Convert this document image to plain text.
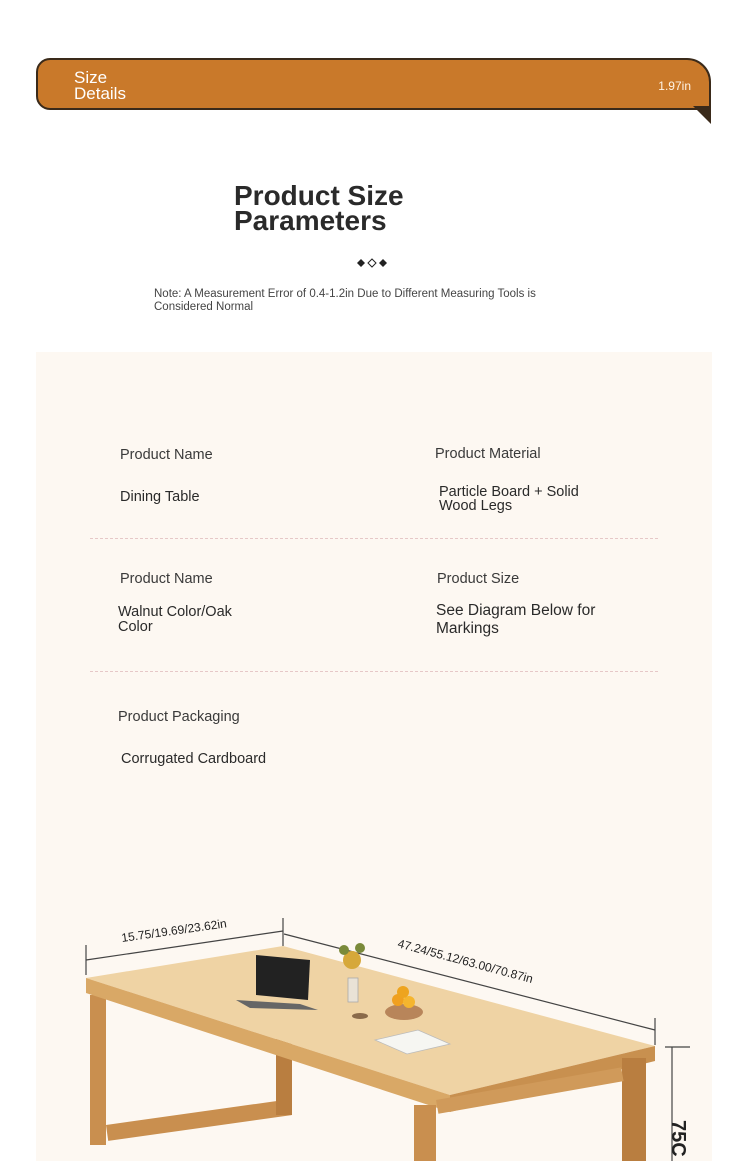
Size Details	1.97in
Product Size Parameters
Note: A Measurement Error of 0.4-1.2in Due to Different Measuring Tools is Considered Normal
Product Name
Dining Table
Product Material
Particle Board + Solid Wood Legs
Product Name
Walnut Color/Oak Color
Product Size
See Diagram Below for Markings
Product Packaging
Corrugated Cardboard
15.75/19.69/23.62in
47.24/55.12/63.00/70.87in
75C
